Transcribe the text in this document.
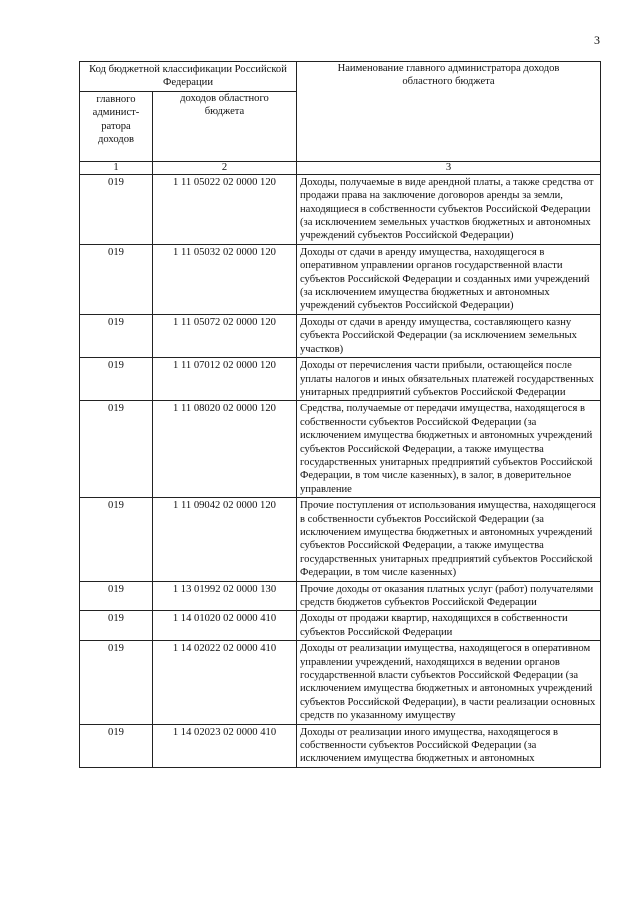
3
Код бюджетной классификации Российской Федерации		Наименование главного администратора доходов областного бюджета
главного админист-ратора доходов	доходов областного бюджета	
1	2	3
019	1 11 05022 02 0000 120	Доходы, получаемые в виде арендной платы, а также средства от продажи права на заключение договоров аренды за земли, находящиеся в собственности субъектов Российской Федерации (за исключением земельных участков бюджетных и автономных учреждений субъектов Российской Федерации)
019	1 11 05032 02 0000 120	Доходы от сдачи в аренду имущества, находящегося в оперативном управлении органов государственной власти субъектов Российской Федерации и созданных ими учреждений (за исключением имущества бюджетных и автономных учреждений субъектов Российской Федерации)
019	1 11 05072 02 0000 120	Доходы от сдачи в аренду имущества, составляющего казну субъекта Российской Федерации (за исключением земельных участков)
019	1 11 07012 02 0000 120	Доходы от перечисления части прибыли, остающейся после уплаты налогов и иных обязательных платежей государственных унитарных предприятий субъектов Российской Федерации
019	1 11 08020 02 0000 120	Средства, получаемые от передачи имущества, находящегося в собственности субъектов Российской Федерации (за исключением имущества бюджетных и автономных учреждений субъектов Российской Федерации, а также имущества государственных унитарных предприятий субъектов Российской Федерации, в том числе казенных), в залог, в доверительное управление
019	1 11 09042 02 0000 120	Прочие поступления от использования имущества, находящегося в собственности субъектов Российской Федерации (за исключением имущества бюджетных и автономных учреждений субъектов Российской Федерации, а также имущества государственных унитарных предприятий субъектов Российской Федерации, в том числе казенных)
019	1 13 01992 02 0000 130	Прочие доходы от оказания платных услуг (работ) получателями средств бюджетов субъектов Российской Федерации
019	1 14 01020 02 0000 410	Доходы от продажи квартир, находящихся в собственности субъектов Российской Федерации
019	1 14 02022 02 0000 410	Доходы от реализации имущества, находящегося в оперативном управлении учреждений, находящихся в ведении органов государственной власти субъектов Российской Федерации (за исключением имущества бюджетных и автономных учреждений субъектов Российской Федерации), в части реализации основных средств по указанному имуществу
019	1 14 02023 02 0000 410	Доходы от реализации иного имущества, находящегося в собственности субъектов Российской Федерации (за исключением имущества бюджетных и автономных
